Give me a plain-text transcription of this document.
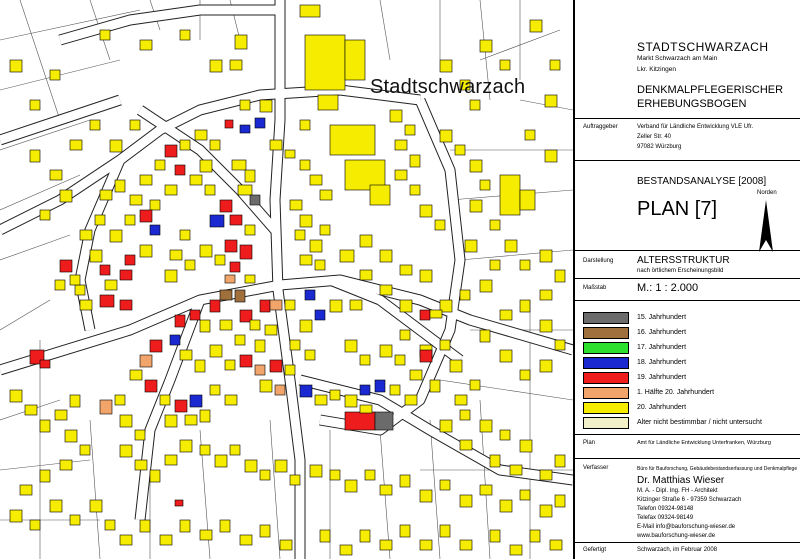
Stadtschwarzach
STADTSCHWARZACH
Markt Schwarzach am Main
Lkr. Kitzingen
DENKMALPFLEGERISCHER
ERHEBUNGSBOGEN
Auftraggeber	Verband für Ländliche Entwicklung VLE Ufr.
Zeller Str. 40
97082 Würzburg
BESTANDSANALYSE [2008]
Norden
PLAN [7]
Darstellung ALTERSSTRUKTUR
nach örtlichem Erscheinungsbild
Maßstab	M.: 1 : 2.000
15. Jahrhundert
16. Jahrhundert
17. Jahrhundert
18. Jahrhundert
19. Jahrhundert
1. Hälfte 20. Jahrhundert
20. Jahrhundert
Alter nicht bestimmbar / nicht untersucht
Plan	Amt für Ländliche Entwicklung Unterfranken, Würzburg
Verfasser	Büro für Bauforschung, Gebäudebestandserfassung und Denkmalpflege
Dr. Matthias Wieser
M. A. - Dipl. Ing. FH - Architekt
Kitzinger Straße 6 - 97359 Schwarzach
Telefon 09324-98148
Telefax 09324-98149
E-Mail info@bauforschung-wieser.de
www.bauforschung-wieser.de
Gefertigt	Schwarzach, im Februar 2008
